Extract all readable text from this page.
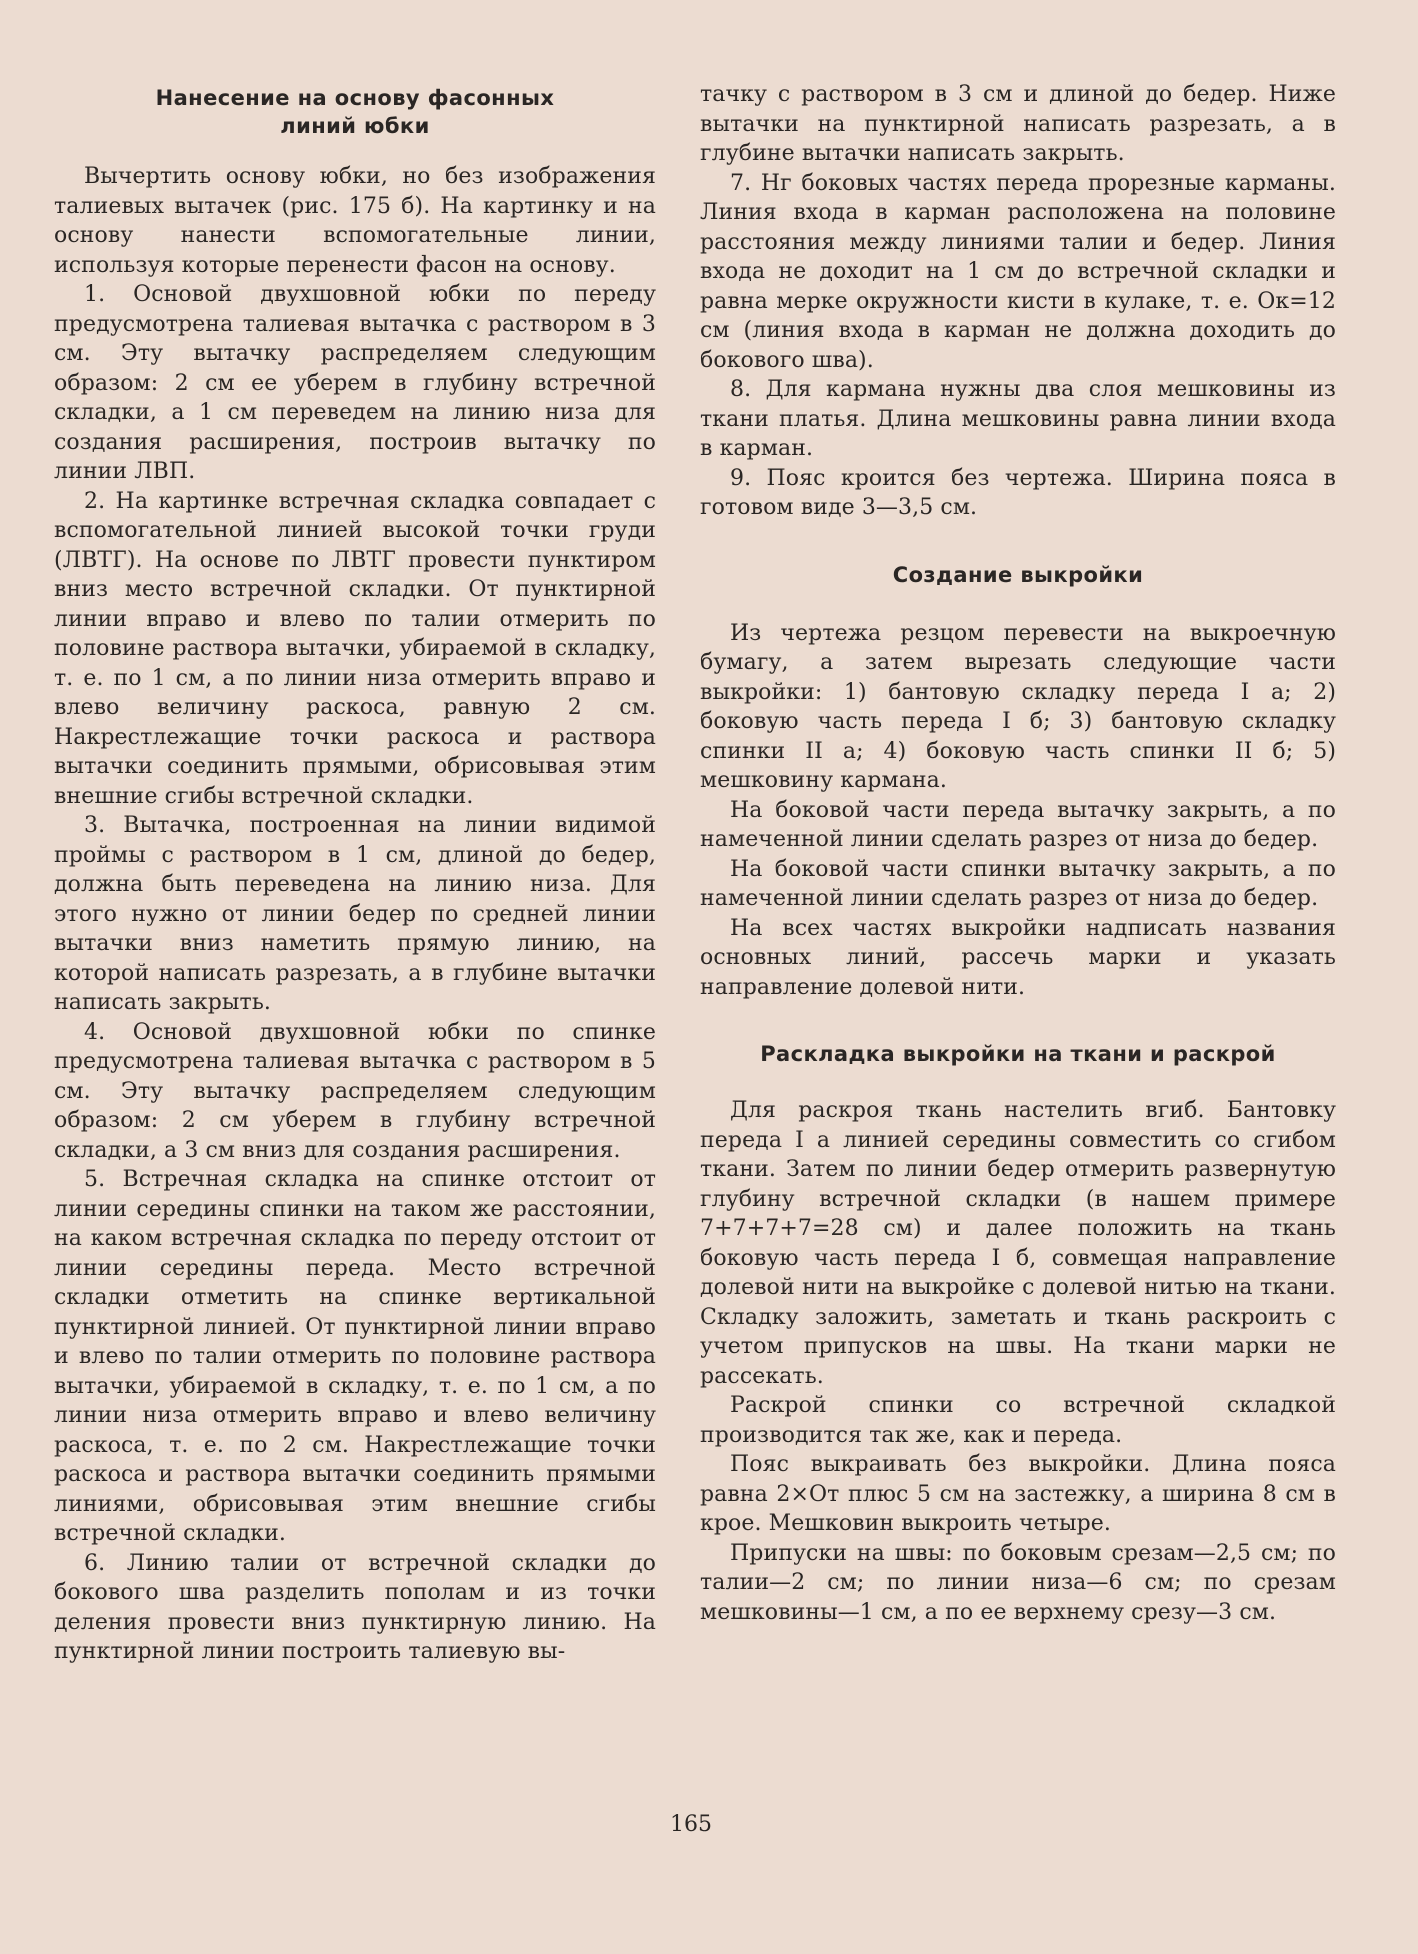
Нанесение на основу фасонных линий юбки

Вычертить основу юбки, но без изображения талиевых вытачек (рис. 175 б). На картинку и на основу нанести вспомогательные линии, используя которые перенести фасон на основу.

1. Основой двухшовной юбки по переду предусмотрена талиевая вытачка с раствором в 3 см. Эту вытачку распределяем следующим образом: 2 см ее уберем в глубину встречной складки, а 1 см переведем на линию низа для создания расширения, построив вытачку по линии ЛВП.

2. На картинке встречная складка совпадает с вспомогательной линией высокой точки груди (ЛВТГ). На основе по ЛВТГ провести пунктиром вниз место встречной складки. От пунктирной линии вправо и влево по талии отмерить по половине раствора вытачки, убираемой в складку, т. е. по 1 см, а по линии низа отмерить вправо и влево величину раскоса, равную 2 см. Накрестлежащие точки раскоса и раствора вытачки соединить прямыми, обрисовывая этим внешние сгибы встречной складки.

3. Вытачка, построенная на линии видимой проймы с раствором в 1 см, длиной до бедер, должна быть переведена на линию низа. Для этого нужно от линии бедер по средней линии вытачки вниз наметить прямую линию, на которой написать разрезать, а в глубине вытачки написать закрыть.

4. Основой двухшовной юбки по спинке предусмотрена талиевая вытачка с раствором в 5 см. Эту вытачку распределяем следующим образом: 2 см уберем в глубину встречной складки, а 3 см вниз для создания расширения.

5. Встречная складка на спинке отстоит от линии середины спинки на таком же расстоянии, на каком встречная складка по переду отстоит от линии середины переда. Место встречной складки отметить на спинке вертикальной пунктирной линией. От пунктирной линии вправо и влево по талии отмерить по половине раствора вытачки, убираемой в складку, т. е. по 1 см, а по линии низа отмерить вправо и влево величину раскоса, т. е. по 2 см. Накрестлежащие точки раскоса и раствора вытачки соединить прямыми линиями, обрисовывая этим внешние сгибы встречной складки.

6. Линию талии от встречной складки до бокового шва разделить пополам и из точки деления провести вниз пунктирную линию. На пунктирной линии построить талиевую вы-

тачку с раствором в 3 см и длиной до бедер. Ниже вытачки на пунктирной написать разрезать, а в глубине вытачки написать закрыть.

7. Нг боковых частях переда прорезные карманы. Линия входа в карман расположена на половине расстояния между линиями талии и бедер. Линия входа не доходит на 1 см до встречной складки и равна мерке окружности кисти в кулаке, т. е. Ок=12 см (линия входа в карман не должна доходить до бокового шва).

8. Для кармана нужны два слоя мешковины из ткани платья. Длина мешковины равна линии входа в карман.

9. Пояс кроится без чертежа. Ширина пояса в готовом виде 3—3,5 см.

Создание выкройки

Из чертежа резцом перевести на выкроечную бумагу, а затем вырезать следующие части выкройки: 1) бантовую складку переда I а; 2) боковую часть переда I б; 3) бантовую складку спинки II а; 4) боковую часть спинки II б; 5) мешковину кармана.

На боковой части переда вытачку закрыть, а по намеченной линии сделать разрез от низа до бедер.

На боковой части спинки вытачку закрыть, а по намеченной линии сделать разрез от низа до бедер.

На всех частях выкройки надписать названия основных линий, рассечь марки и указать направление долевой нити.

Раскладка выкройки на ткани и раскрой

Для раскроя ткань настелить вгиб. Бантовку переда I а линией середины совместить со сгибом ткани. Затем по линии бедер отмерить развернутую глубину встречной складки (в нашем примере 7+7+7+7=28 см) и далее положить на ткань боковую часть переда I б, совмещая направление долевой нити на выкройке с долевой нитью на ткани. Складку заложить, заметать и ткань раскроить с учетом припусков на швы. На ткани марки не рассекать.

Раскрой спинки со встречной складкой производится так же, как и переда.

Пояс выкраивать без выкройки. Длина пояса равна 2×От плюс 5 см на застежку, а ширина 8 см в крое. Мешковин выкроить четыре.

Припуски на швы: по боковым срезам—2,5 см; по талии—2 см; по линии низа—6 см; по срезам мешковины—1 см, а по ее верхнему срезу—3 см.

165
